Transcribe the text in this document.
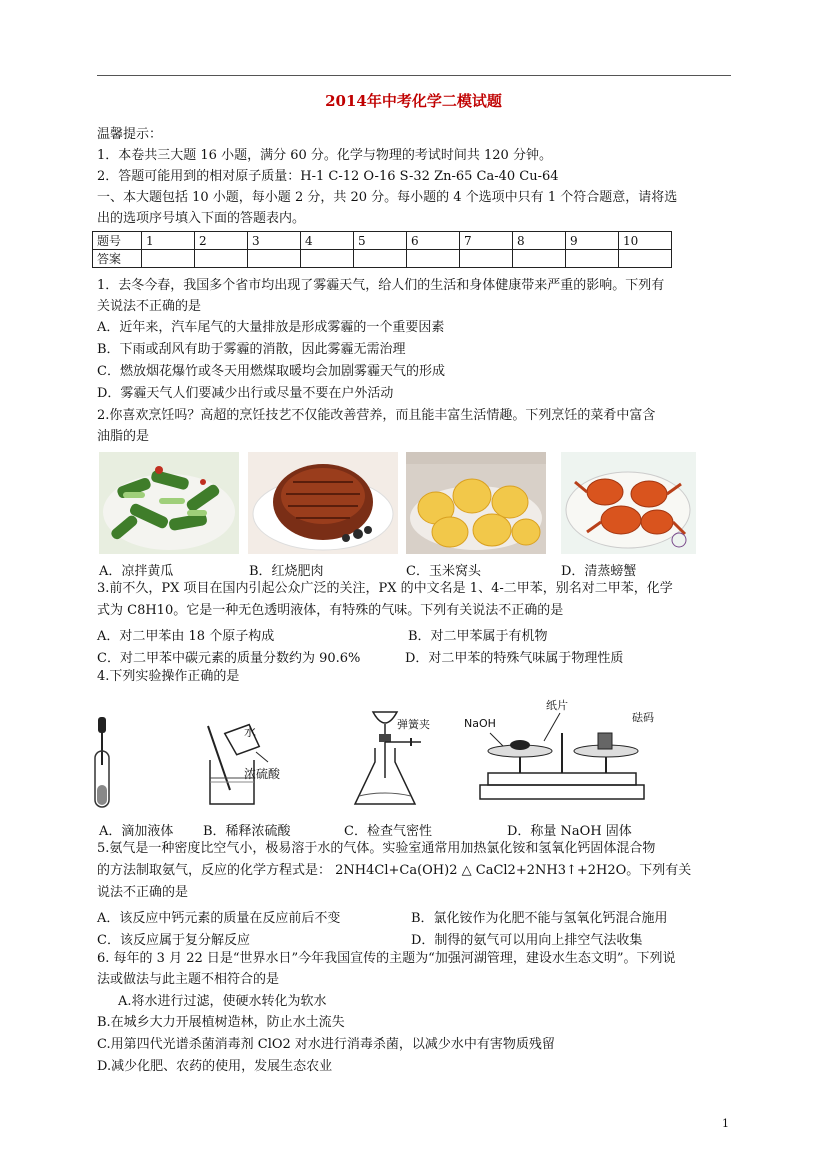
2014年中考化学二模试题
温馨提示：
1．本卷共三大题 16 小题，满分 60 分。化学与物理的考试时间共 120 分钟。
2．答题可能用到的相对原子质量：H-1 C-12 O-16 S-32 Zn-65 Ca-40 Cu-64
一、本大题包括 10 小题，每小题 2 分，共 20 分。每小题的 4 个选项中只有 1 个符合题意，请将选
出的选项序号填入下面的答题表内。
题号	1	2	3	4	5	6	7	8	9	10
答案										
1．去冬今春，我国多个省市均出现了雾霾天气，给人们的生活和身体健康带来严重的影响。下列有
关说法不正确的是
A．近年来，汽车尾气的大量排放是形成雾霾的一个重要因素
B．下雨或刮风有助于雾霾的消散，因此雾霾无需治理
C．燃放烟花爆竹或冬天用燃煤取暖均会加剧雾霾天气的形成
D．雾霾天气人们要减少出行或尽量不要在户外活动
2.你喜欢烹饪吗？高超的烹饪技艺不仅能改善营养，而且能丰富生活情趣。下列烹饪的菜肴中富含
油脂的是
A．凉拌黄瓜	B．红烧肥肉	C．玉米窝头	D．清蒸螃蟹
3.前不久，PX 项目在国内引起公众广泛的关注，PX 的中文名是 1、4-二甲苯，别名对二甲苯，化学
式为 C8H10。它是一种无色透明液体，有特殊的气味。下列有关说法不正确的是
A．对二甲苯由 18 个原子构成	B．对二甲苯属于有机物
C．对二甲苯中碳元素的质量分数约为 90.6%	D．对二甲苯的特殊气味属于物理性质
4.下列实验操作正确的是
水
浓硫酸
弹簧夹	NaOH
纸片
砝码
A．滴加液体 B．稀释浓硫酸	C．检查气密性	D．称量 NaOH 固体
5.氨气是一种密度比空气小，极易溶于水的气体。实验室通常用加热氯化铵和氢氧化钙固体混合物
的方法制取氨气，反应的化学方程式是： 2NH4Cl+Ca(OH)2 △ CaCl2+2NH3↑+2H2O。下列有关
说法不正确的是
A．该反应中钙元素的质量在反应前后不变	B．氯化铵作为化肥不能与氢氧化钙混合施用
C．该反应属于复分解反应	D．制得的氨气可以用向上排空气法收集
6. 每年的 3 月 22 日是“世界水日”今年我国宣传的主题为“加强河湖管理，建设水生态文明”。下列说
法或做法与此主题不相符合的是
A.将水进行过滤，使硬水转化为软水
B.在城乡大力开展植树造林，防止水土流失
C.用第四代光谱杀菌消毒剂 ClO2 对水进行消毒杀菌，以减少水中有害物质残留
D.减少化肥、农药的使用，发展生态农业
1
